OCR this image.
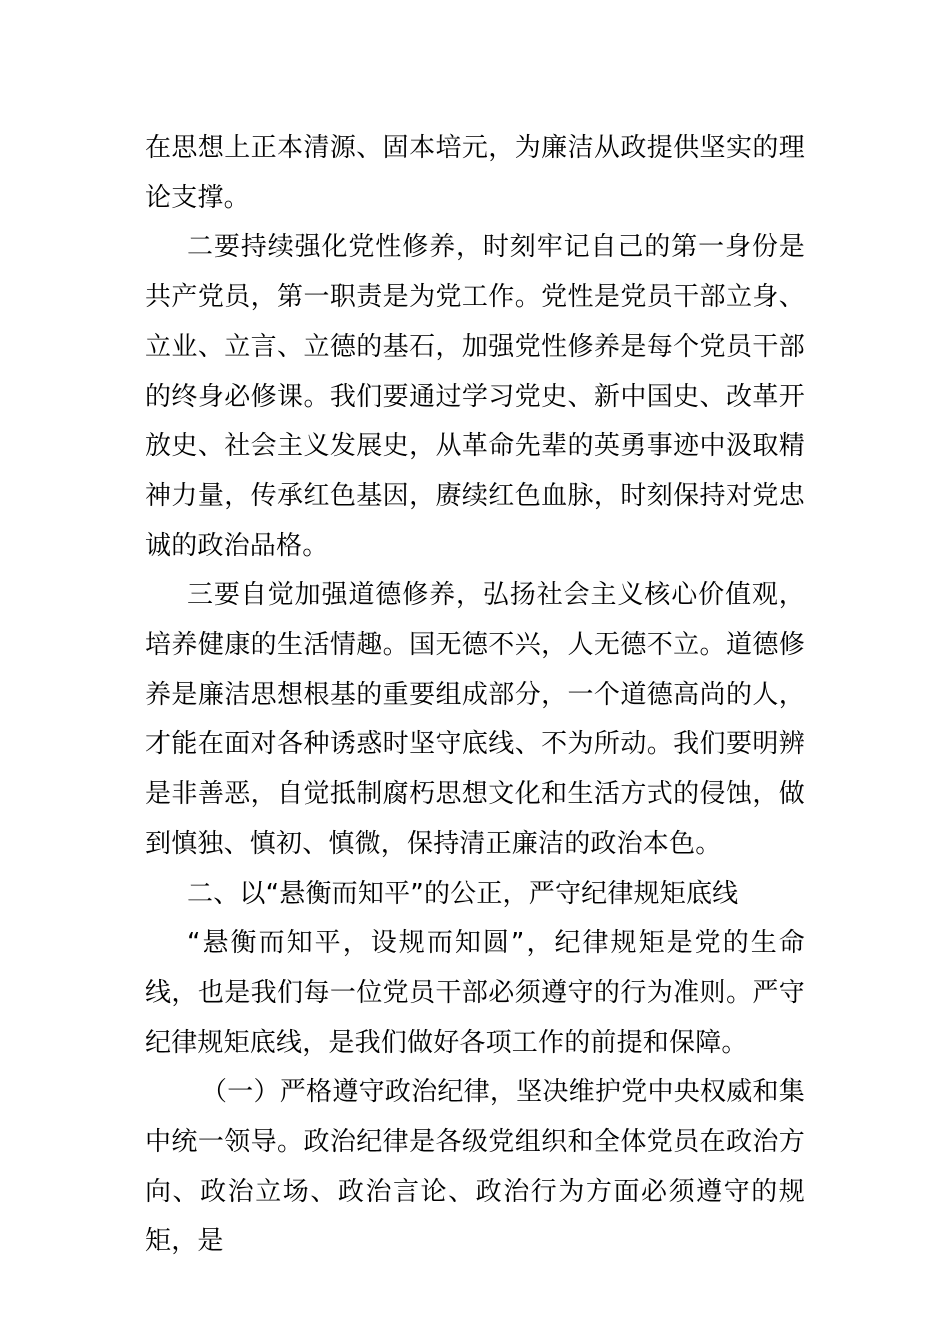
在思想上正本清源、固本培元，为廉洁从政提供坚实的理论支撑。

二要持续强化党性修养，时刻牢记自己的第一身份是共产党员，第一职责是为党工作。党性是党员干部立身、立业、立言、立德的基石，加强党性修养是每个党员干部的终身必修课。我们要通过学习党史、新中国史、改革开放史、社会主义发展史，从革命先辈的英勇事迹中汲取精神力量，传承红色基因，赓续红色血脉，时刻保持对党忠诚的政治品格。

三要自觉加强道德修养，弘扬社会主义核心价值观，培养健康的生活情趣。国无德不兴，人无德不立。道德修养是廉洁思想根基的重要组成部分，一个道德高尚的人，才能在面对各种诱惑时坚守底线、不为所动。我们要明辨是非善恶，自觉抵制腐朽思想文化和生活方式的侵蚀，做到慎独、慎初、慎微，保持清正廉洁的政治本色。

二、以“悬衡而知平”的公正，严守纪律规矩底线

“悬衡而知平，设规而知圆”，纪律规矩是党的生命线，也是我们每一位党员干部必须遵守的行为准则。严守纪律规矩底线，是我们做好各项工作的前提和保障。

（一）严格遵守政治纪律，坚决维护党中央权威和集中统一领导。政治纪律是各级党组织和全体党员在政治方向、政治立场、政治言论、政治行为方面必须遵守的规矩，是
